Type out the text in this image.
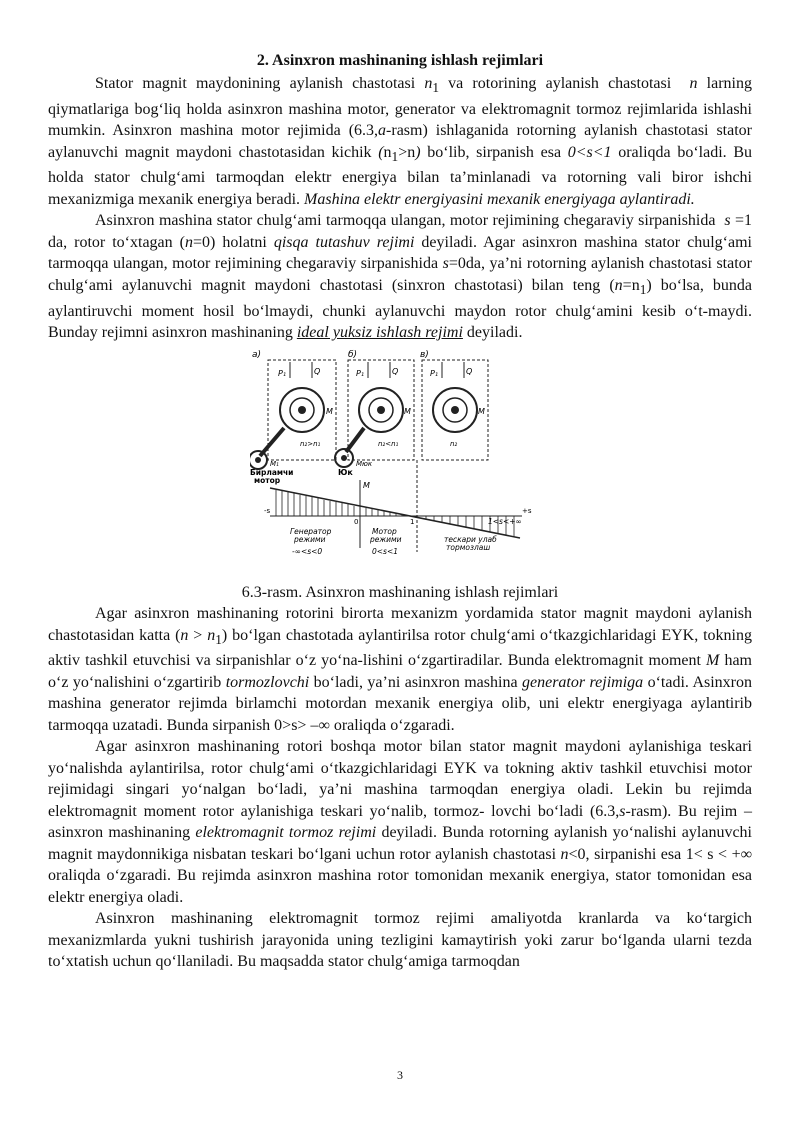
2. Asinxron mashinaning ishlash rejimlari

Stator magnit maydonining aylanish chastotasi $n_1$ va rotorining aylanish chastotasi  n larning qiymatlariga bog‘liq holda asinxron mashina motor, generator va elektromagnit tormoz rejimlarida ishlashi mumkin. Asinxron mashina motor rejimida (6.3,a-rasm) ishlaganida rotorning aylanish chastotasi stator aylanuvchi magnit maydoni chastotasidan kichik $(n_1>n)$ bo‘lib, sirpanish esa 0<s<1 oraliqda bo‘ladi. Bu holda stator chulg‘ami tarmoqdan elektr energiya bilan ta’minlanadi va rotorning vali biror ishchi mexanizmiga mexanik energiya beradi. Mashina elektr energiyasini mexanik energiyaga aylantiradi.

Asinxron mashina stator chulg‘ami tarmoqqa ulangan, motor rejimining chegaraviy sirpanishida  s =1 da, rotor to‘xtagan (n=0) holatni qisqa tutashuv rejimi deyiladi. Agar asinxron mashina stator chulg‘ami tarmoqqa ulangan, motor rejimining chegaraviy sirpanishida s=0da, ya’ni rotorning aylanish chastotasi stator chulg‘ami aylanuvchi magnit maydoni chastotasi (sinxron chastotasi) bilan teng $(n=n_1)$ bo‘lsa, bunda aylantiruvchi moment hosil bo‘lmaydi, chunki aylanuvchi maydon rotor chulg‘amini kesib o‘t-maydi. Bunday rejimni asinxron mashinaning ideal yuksiz ishlash rejimi deyiladi.

a)	б)	в)
P₁	Q
M
n₂>n₁
M₁
P₁	Q
M
n₂<n₁
Mюк
P₁	Q
M
n₂
Бирламчи
мотор
Юк
-s	+s
0	1
M
Генератор
режими
-∞<s<0
Мотор
режими
0<s<1
тескари улаб
тормозлаш
1<s<+∞

6.3-rasm. Asinxron mashinaning ishlash rejimlari

Agar asinxron mashinaning rotorini birorta mexanizm yordamida stator magnit maydoni aylanish chastotasidan katta $(n > n_1)$ bo‘lgan chastotada aylantirilsa rotor chulg‘ami o‘tkazgichlaridagi EYK, tokning aktiv tashkil etuvchisi va sirpanishlar o‘z yo‘na-lishini o‘zgartiradilar. Bunda elektromagnit moment M ham o‘z yo‘nalishini o‘zgartirib tormozlovchi bo‘ladi, ya’ni asinxron mashina generator rejimiga o‘tadi. Asinxron mashina generator rejimda birlamchi motordan mexanik energiya olib, uni elektr energiyaga aylantirib tarmoqqa uzatadi. Bunda sirpanish 0>s> –∞ oraliqda o‘zgaradi.

Agar asinxron mashinaning rotori boshqa motor bilan stator magnit maydoni aylanishiga teskari yo‘nalishda aylantirilsa, rotor chulg‘ami o‘tkazgichlaridagi EYK va tokning aktiv tashkil etuvchisi motor rejimidagi singari yo‘nalgan bo‘ladi, ya’ni mashina tarmoqdan energiya oladi. Lekin bu rejimda elektromagnit moment rotor aylanishiga teskari yo‘nalib, tormoz- lovchi bo‘ladi (6.3,s-rasm). Bu rejim – asinxron mashinaning elektromagnit tormoz rejimi deyiladi. Bunda rotorning aylanish yo‘nalishi aylanuvchi magnit maydonnikiga nisbatan teskari bo‘lgani uchun rotor aylanish chastotasi n<0, sirpanishi esa 1< s < +∞ oraliqda o‘zgaradi. Bu rejimda asinxron mashina rotor tomonidan mexanik energiya, stator tomonidan esa elektr energiya oladi.

Asinxron mashinaning elektromagnit tormoz rejimi amaliyotda kranlarda va ko‘targich mexanizmlarda yukni tushirish jarayonida uning tezligini kamaytirish yoki zarur bo‘lganda ularni tezda to‘xtatish uchun qo‘llaniladi. Bu maqsadda stator chulg‘amiga tarmoqdan

3
